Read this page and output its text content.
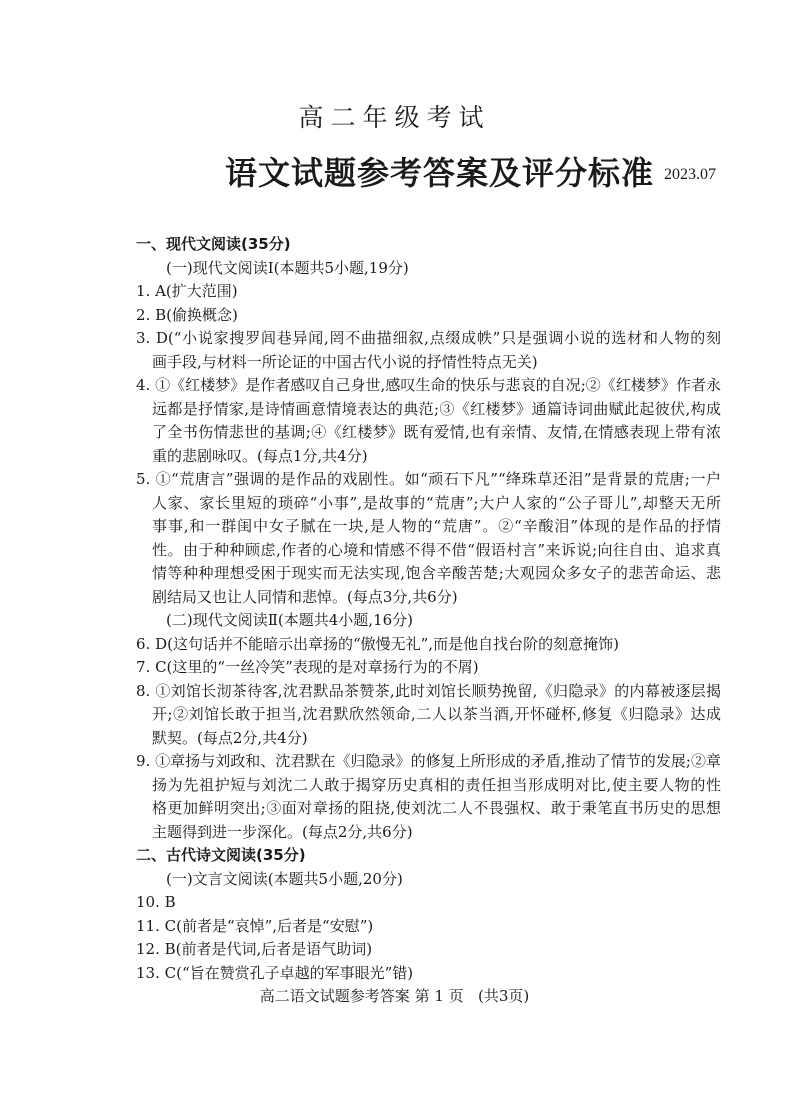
高二年级考试
语文试题参考答案及评分标准 2023.07
一、现代文阅读(35分)
(一)现代文阅读Ⅰ(本题共5小题,19分)
1. A(扩大范围)
2. B(偷换概念)
3. D(“小说家搜罗闾巷异闻,罔不曲描细叙,点缀成帙”只是强调小说的选材和人物的刻
画手段,与材料一所论证的中国古代小说的抒情性特点无关)
4. ①《红楼梦》是作者感叹自己身世,感叹生命的快乐与悲哀的自况;②《红楼梦》作者永
远都是抒情家,是诗情画意情境表达的典范;③《红楼梦》通篇诗词曲赋此起彼伏,构成
了全书伤情悲世的基调;④《红楼梦》既有爱情,也有亲情、友情,在情感表现上带有浓
重的悲剧咏叹。(每点1分,共4分)
5. ①“荒唐言”强调的是作品的戏剧性。如“顽石下凡”“绛珠草还泪”是背景的荒唐;一户
人家、家长里短的琐碎“小事”,是故事的“荒唐”;大户人家的“公子哥儿”,却整天无所
事事,和一群闺中女子腻在一块,是人物的“荒唐”。②“辛酸泪”体现的是作品的抒情
性。由于种种顾虑,作者的心境和情感不得不借“假语村言”来诉说;向往自由、追求真
情等种种理想受困于现实而无法实现,饱含辛酸苦楚;大观园众多女子的悲苦命运、悲
剧结局又也让人同情和悲悼。(每点3分,共6分)
(二)现代文阅读Ⅱ(本题共4小题,16分)
6. D(这句话并不能暗示出章扬的“傲慢无礼”,而是他自找台阶的刻意掩饰)
7. C(这里的“一丝冷笑”表现的是对章扬行为的不屑)
8. ①刘馆长沏茶待客,沈君默品茶赞茶,此时刘馆长顺势挽留,《归隐录》的内幕被逐层揭
开;②刘馆长敢于担当,沈君默欣然领命,二人以茶当酒,开怀碰杯,修复《归隐录》达成
默契。(每点2分,共4分)
9. ①章扬与刘政和、沈君默在《归隐录》的修复上所形成的矛盾,推动了情节的发展;②章
扬为先祖护短与刘沈二人敢于揭穿历史真相的责任担当形成明对比,使主要人物的性
格更加鲜明突出;③面对章扬的阻挠,使刘沈二人不畏强权、敢于秉笔直书历史的思想
主题得到进一步深化。(每点2分,共6分)
二、古代诗文阅读(35分)
(一)文言文阅读(本题共5小题,20分)
10. B
11. C(前者是“哀悼”,后者是“安慰”)
12. B(前者是代词,后者是语气助词)
13. C(“旨在赞赏孔子卓越的军事眼光”错)
高二语文试题参考答案 第 1 页 (共3页)
